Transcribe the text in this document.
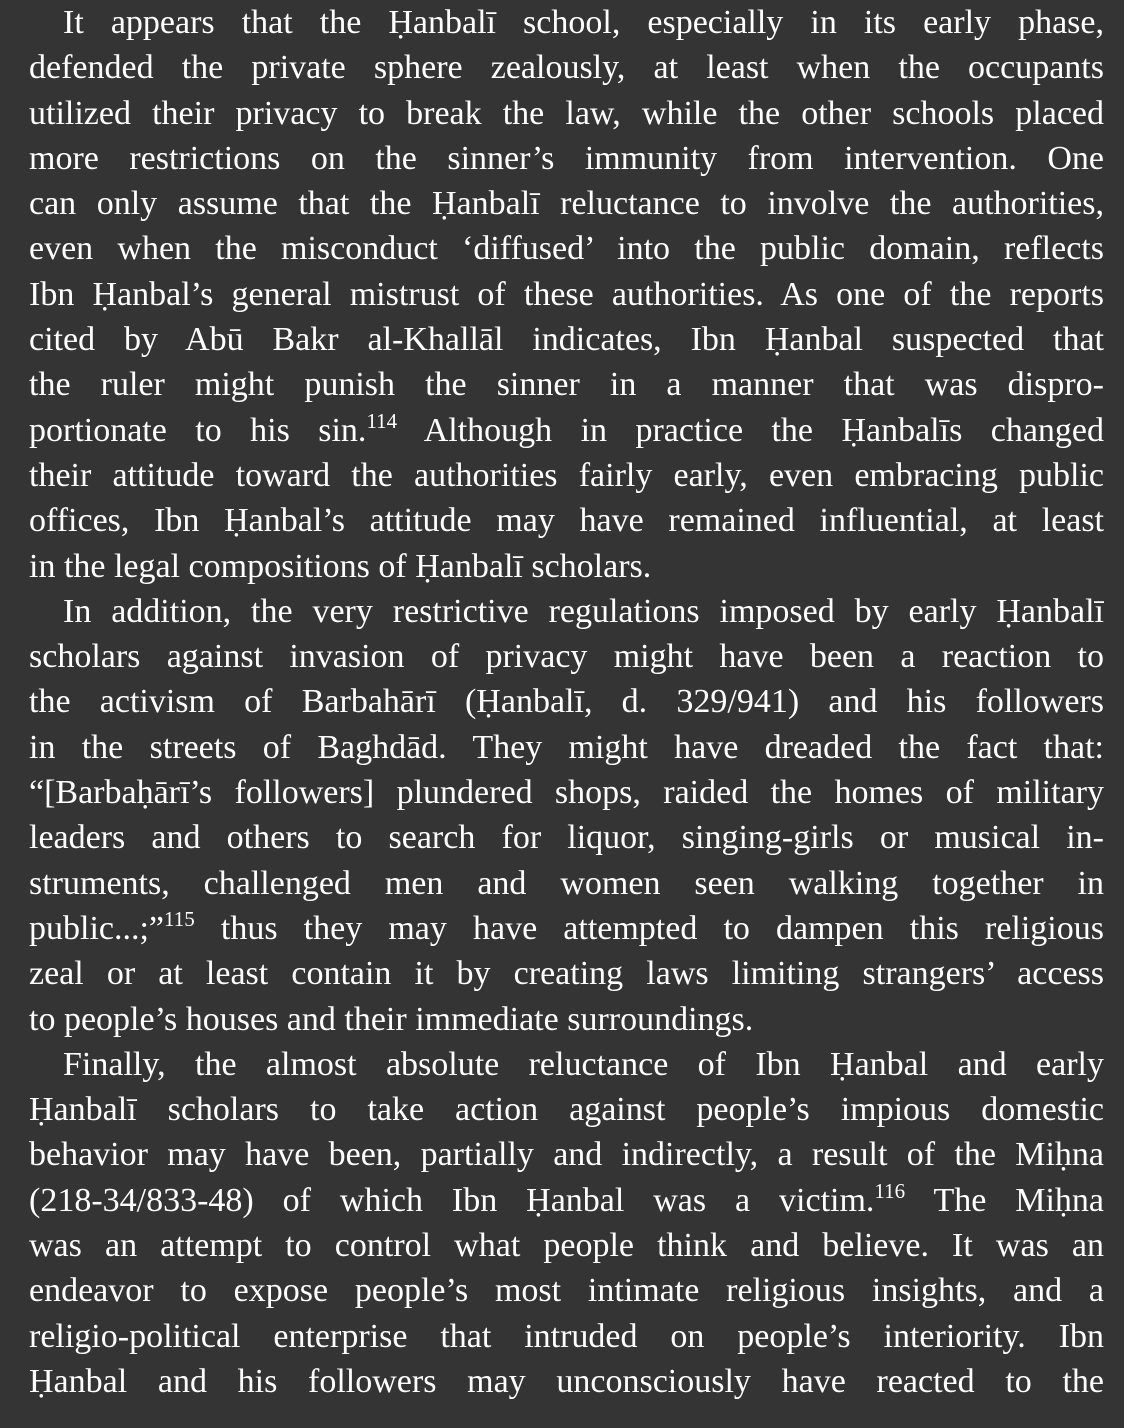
It appears that the Ḥanbalī school, especially in its early phase,
defended the private sphere zealously, at least when the occupants
utilized their privacy to break the law, while the other schools placed
more restrictions on the sinner’s immunity from intervention. One
can only assume that the Ḥanbalī reluctance to involve the authorities,
even when the misconduct ‘diffused’ into the public domain, reflects
Ibn Ḥanbal’s general mistrust of these authorities. As one of the reports
cited by Abū Bakr al-Khallāl indicates, Ibn Ḥanbal suspected that
the ruler might punish the sinner in a manner that was dispro-
portionate to his sin.$^{114}$ Although in practice the Ḥanbalīs changed
their attitude toward the authorities fairly early, even embracing public
offices, Ibn Ḥanbal’s attitude may have remained influential, at least
in the legal compositions of Ḥanbalī scholars.
In addition, the very restrictive regulations imposed by early Ḥanbalī
scholars against invasion of privacy might have been a reaction to
the activism of Barbahārī (Ḥanbalī, d. 329/941) and his followers
in the streets of Baghdād. They might have dreaded the fact that:
“[Barbaḥārī’s followers] plundered shops, raided the homes of military
leaders and others to search for liquor, singing-girls or musical in-
struments, challenged men and women seen walking together in
public...;”$^{115}$ thus they may have attempted to dampen this religious
zeal or at least contain it by creating laws limiting strangers’ access
to people’s houses and their immediate surroundings.
Finally, the almost absolute reluctance of Ibn Ḥanbal and early
Ḥanbalī scholars to take action against people’s impious domestic
behavior may have been, partially and indirectly, a result of the Miḥna
(218-34/833-48) of which Ibn Ḥanbal was a victim.$^{116}$ The Miḥna
was an attempt to control what people think and believe. It was an
endeavor to expose people’s most intimate religious insights, and a
religio-political enterprise that intruded on people’s interiority. Ibn
Ḥanbal and his followers may unconsciously have reacted to the
